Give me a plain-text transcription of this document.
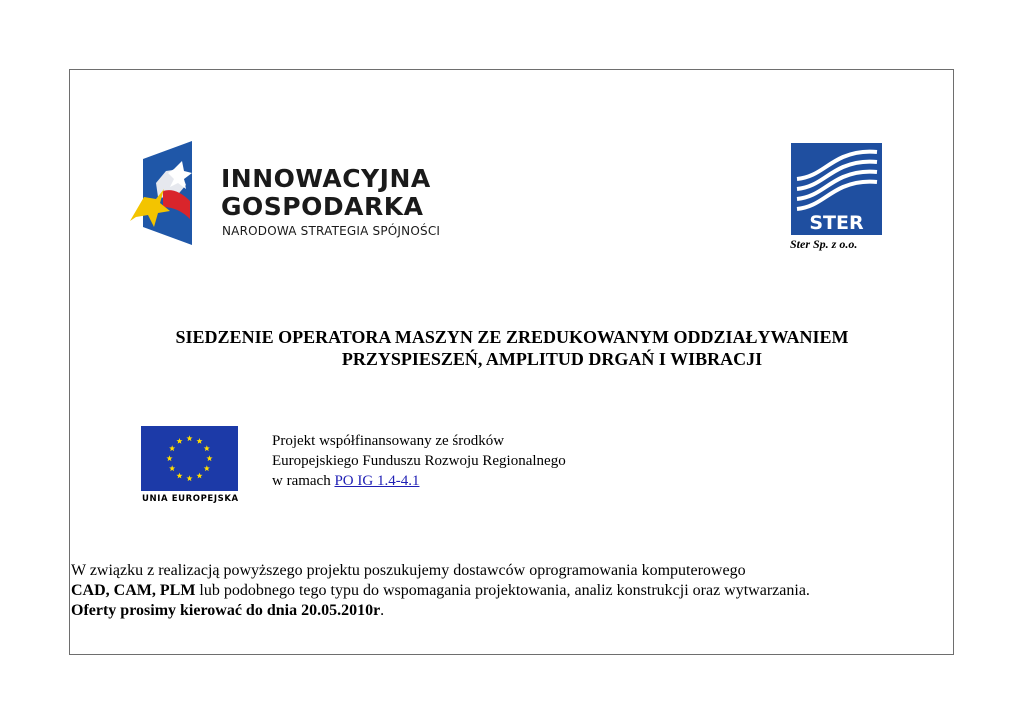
INNOWACYJNA
GOSPODARKA
NARODOWA STRATEGIA SPÓJNOŚCI	STER
Ster Sp. z o.o.
SIEDZENIE OPERATORA MASZYN ZE ZREDUKOWANYM ODDZIAŁYWANIEM
PRZYSPIESZEŃ, AMPLITUD DRGAŃ I WIBRACJI
UNIA EUROPEJSKA
Projekt współfinansowany ze środków
Europejskiego Funduszu Rozwoju Regionalnego
w ramach PO IG 1.4-4.1
W związku z realizacją powyższego projektu poszukujemy dostawców oprogramowania komputerowego
CAD, CAM, PLM lub podobnego tego typu do wspomagania projektowania, analiz konstrukcji oraz wytwarzania.
Oferty prosimy kierować do dnia 20.05.2010r.
